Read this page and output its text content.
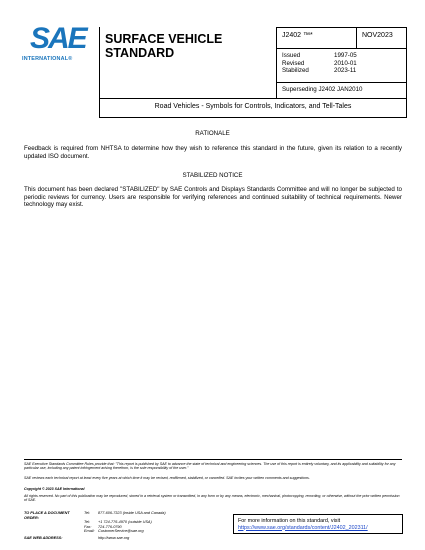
SAE
INTERNATIONAL®
SURFACE VEHICLE
STANDARD
J2402 ™*	NOV2023
Issued	1997-05
Revised	2010-01
Stabilized	2023-11
Superseding J2402 JAN2010
Road Vehicles - Symbols for Controls, Indicators, and Tell-Tales
RATIONALE
Feedback is required from NHTSA to determine how they wish to reference this standard in the future, given its relation to a recently updated ISO document.
STABILIZED NOTICE
This document has been declared "STABILIZED" by SAE Controls and Displays Standards Committee and will no longer be subjected to periodic reviews for currency. Users are responsible for verifying references and continued suitability of technical requirements. Newer technology may exist.
SAE Executive Standards Committee Rules provide that: "This report is published by SAE to advance the state of technical and engineering sciences. The use of this report is entirely voluntary, and its applicability and suitability for any particular use, including any patent infringement arising therefrom, is the sole responsibility of the user."
SAE reviews each technical report at least every five years at which time it may be revised, reaffirmed, stabilized, or cancelled. SAE invites your written comments and suggestions.
Copyright © 2023 SAE International
All rights reserved. No part of this publication may be reproduced, stored in a retrieval system or transmitted, in any form or by any means, electronic, mechanical, photocopying, recording, or otherwise, without the prior written permission of SAE.
TO PLACE A DOCUMENT ORDER:
Tel:	877-606-7323 (inside USA and Canada)
Tel:	+1 724-776-4970 (outside USA)
Fax:	724-776-0790
Email: CustomerService@sae.org
SAE WEB ADDRESS:	http://www.sae.org
For more information on this standard, visit
https://www.sae.org/standards/content/J2402_202311/
